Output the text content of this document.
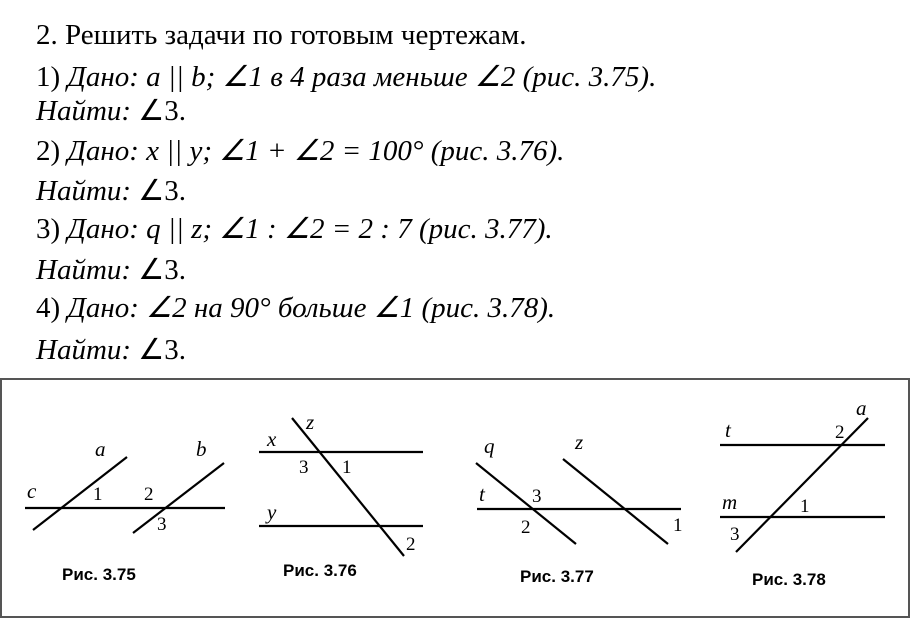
2. Решить задачи по готовым чертежам.
1) Дано: a || b; ∠1 в 4 раза меньше ∠2 (рис. 3.75).
Найти: ∠3.
2) Дано: x || y; ∠1 + ∠2 = 100° (рис. 3.76).
Найти: ∠3.
3) Дано: q || z; ∠1 : ∠2 = 2 : 7 (рис. 3.77).
Найти: ∠3.
4) Дано: ∠2 на 90° больше ∠1 (рис. 3.78).
Найти: ∠3.
a	b
c	1 2
3
Рис. 3.75
x
z
y
3 1
2
Рис. 3.76
q	z
t 3
2	1
Рис. 3.77
a
t
m
2
1
3
Рис. 3.78
